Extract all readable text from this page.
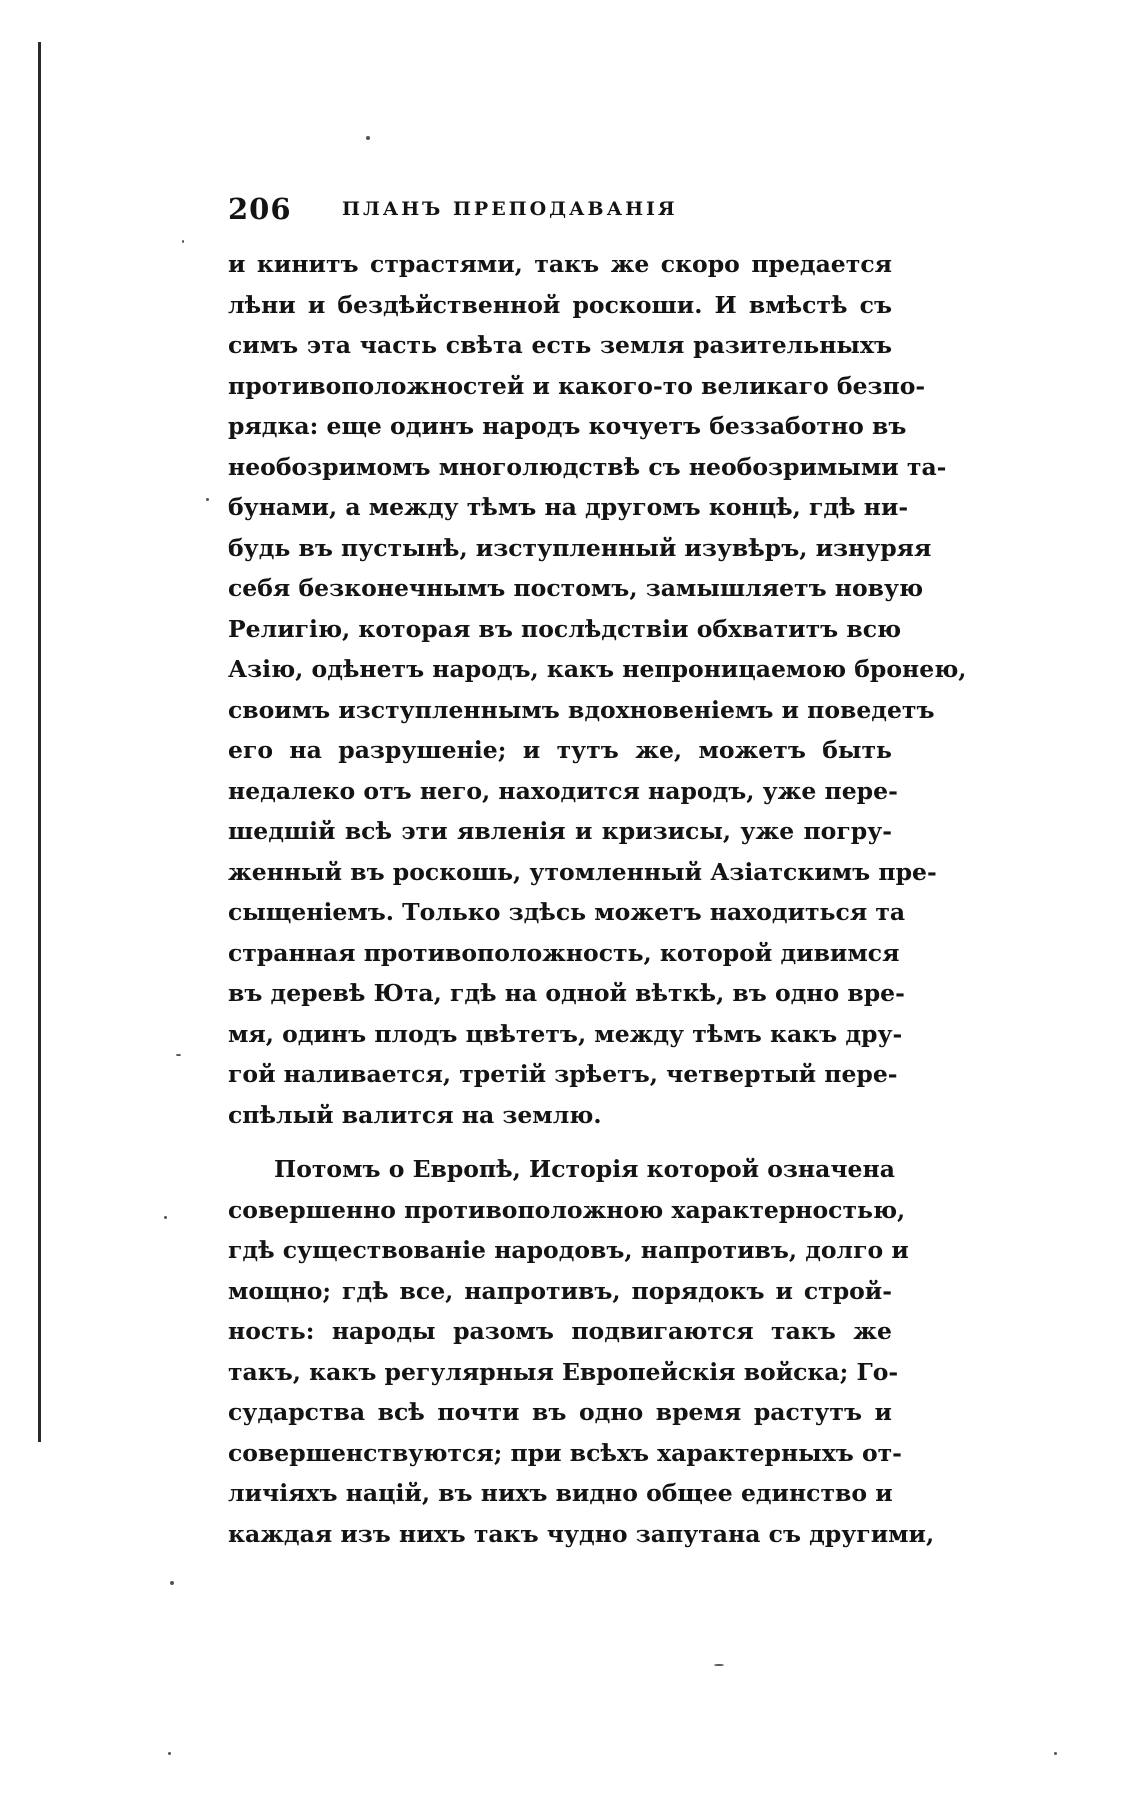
206	ПЛАНЪ ПРЕПОДАВАНІЯ
и кинитъ страстями, такъ же скоро предается
лѣни и бездѣйственной роскоши. И вмѣстѣ съ
симъ эта часть свѣта есть земля разительныхъ
противоположностей и какого-то великаго безпо-
рядка: еще одинъ народъ кочуетъ беззаботно въ
необозримомъ многолюдствѣ съ необозримыми та-
бунами, а между тѣмъ на другомъ концѣ, гдѣ ни-
будь въ пустынѣ, изступленный изувѣръ, изнуряя
себя безконечнымъ постомъ, замышляетъ новую
Религію, которая въ послѣдствіи обхватитъ всю
Азію, одѣнетъ народъ, какъ непроницаемою бронею,
своимъ изступленнымъ вдохновеніемъ и поведетъ
его на разрушеніе; и тутъ же, можетъ быть
недалеко отъ него, находится народъ, уже пере-
шедшій всѣ эти явленія и кризисы, уже погру-
женный въ роскошь, утомленный Азіатскимъ пре-
сыщеніемъ. Только здѣсь можетъ находиться та
странная противоположность, которой дивимся
въ деревѣ Юта, гдѣ на одной вѣткѣ, въ одно вре-
мя, одинъ плодъ цвѣтетъ, между тѣмъ какъ дру-
гой наливается, третій зрѣетъ, четвертый пере-
спѣлый валится на землю.
Потомъ о Европѣ, Исторія которой означена
совершенно противоположною характерностью,
гдѣ существованіе народовъ, напротивъ, долго и
мощно; гдѣ все, напротивъ, порядокъ и строй-
ность: народы разомъ подвигаются такъ же
такъ, какъ регулярныя Европейскія войска; Го-
сударства всѣ почти въ одно время растутъ и
совершенствуются; при всѣхъ характерныхъ от-
личіяхъ націй, въ нихъ видно общее единство и
каждая изъ нихъ такъ чудно запутана съ другими,
